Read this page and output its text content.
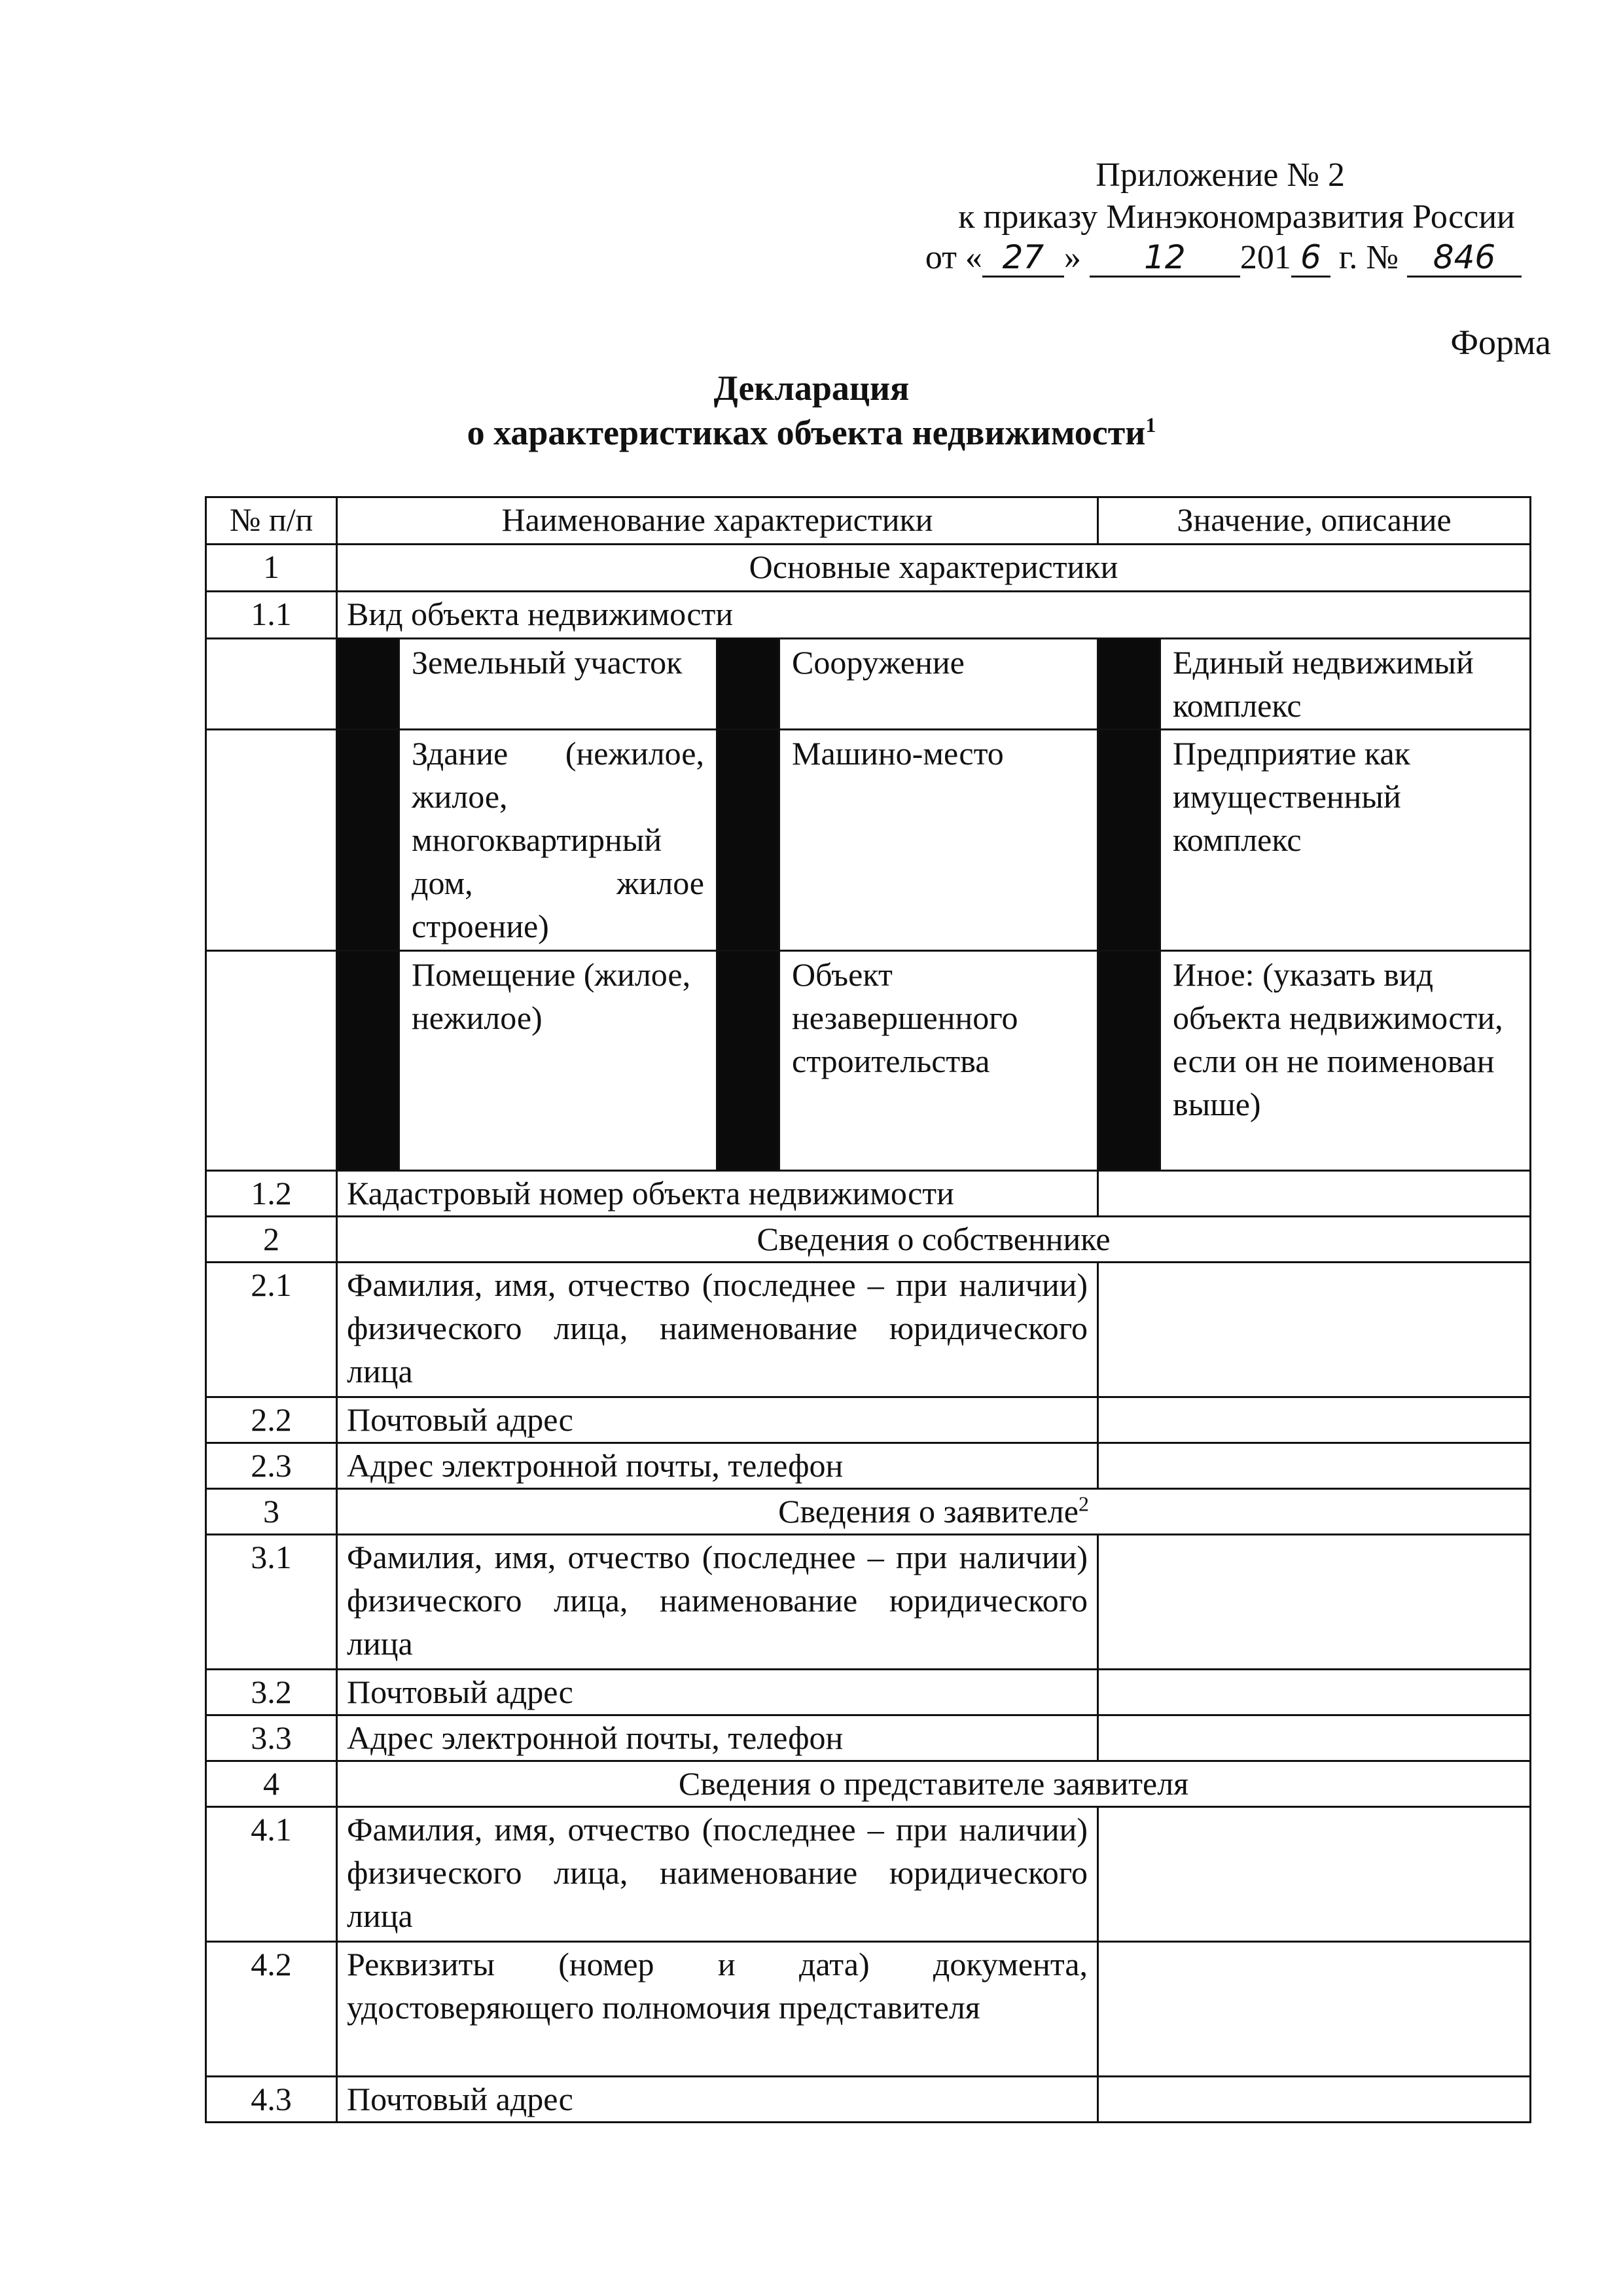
Приложение № 2
к приказу Минэкономразвития России
от « 27 » 12 201 6 г. № 846
Форма
Декларация
о характеристиках объекта недвижимости$^1$
№ п/п	Наименование характеристики				Значение, описание	
1	Основные характеристики					
1.1	Вид объекта недвижимости					
		Земельный участок		Сооружение		Единый недвижимый комплекс
		Здание (нежилое, жилое, многоквартирный дом, жилое строение)		Машино-место		Предприятие как имущественный комплекс
		Помещение (жилое, нежилое)		Объект незавершенного строительства		Иное: (указать вид объекта недвижимости, если он не поименован выше)
1.2	Кадастровый номер объекта недвижимости					
2	Сведения о собственнике					
2.1	Фамилия, имя, отчество (последнее – при наличии) физического лица, наименование юридического лица					
2.2	Почтовый адрес					
2.3	Адрес электронной почты, телефон					
3	Сведения о заявителе$^2$
3.1	Фамилия, имя, отчество (последнее – при наличии) физического лица, наименование юридического лица					
3.2	Почтовый адрес					
3.3	Адрес электронной почты, телефон					
4	Сведения о представителе заявителя					
4.1	Фамилия, имя, отчество (последнее – при наличии) физического лица, наименование юридического лица					
4.2	Реквизиты (номер и дата) документа, удостоверяющего полномочия представителя					
4.3	Почтовый адрес					
